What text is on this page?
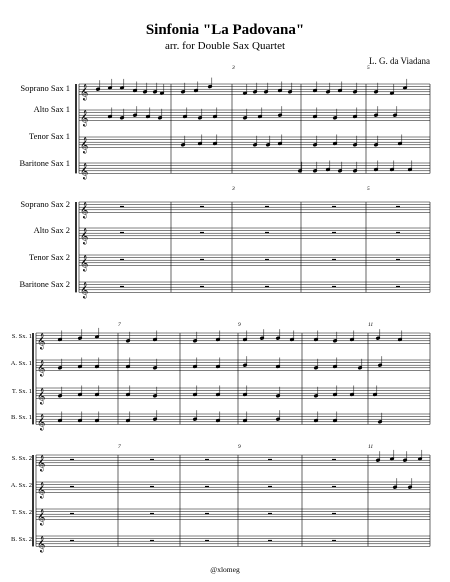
Sinfonia "La Padovana"
arr. for Double Sax Quartet
L. G. da Viadana
Soprano Sax 1
Alto Sax 1
Tenor Sax 1
Baritone Sax 1
Soprano Sax 2
Alto Sax 2
Tenor Sax 2
Baritone Sax 2
3	5
3	5
S. Sx. 1
A. Sx. 1
T. Sx. 1
B. Sx. 1
S. Sx. 2
A. Sx. 2
T. Sx. 2
B. Sx. 2
7	9	11
7	9	11
𝄞
𝄞
𝄞
𝄞
𝄞
𝄞
𝄞
𝄞
𝄞
𝄞
𝄞
𝄞
𝄞
𝄞
𝄞
𝄞
@xlomeg
